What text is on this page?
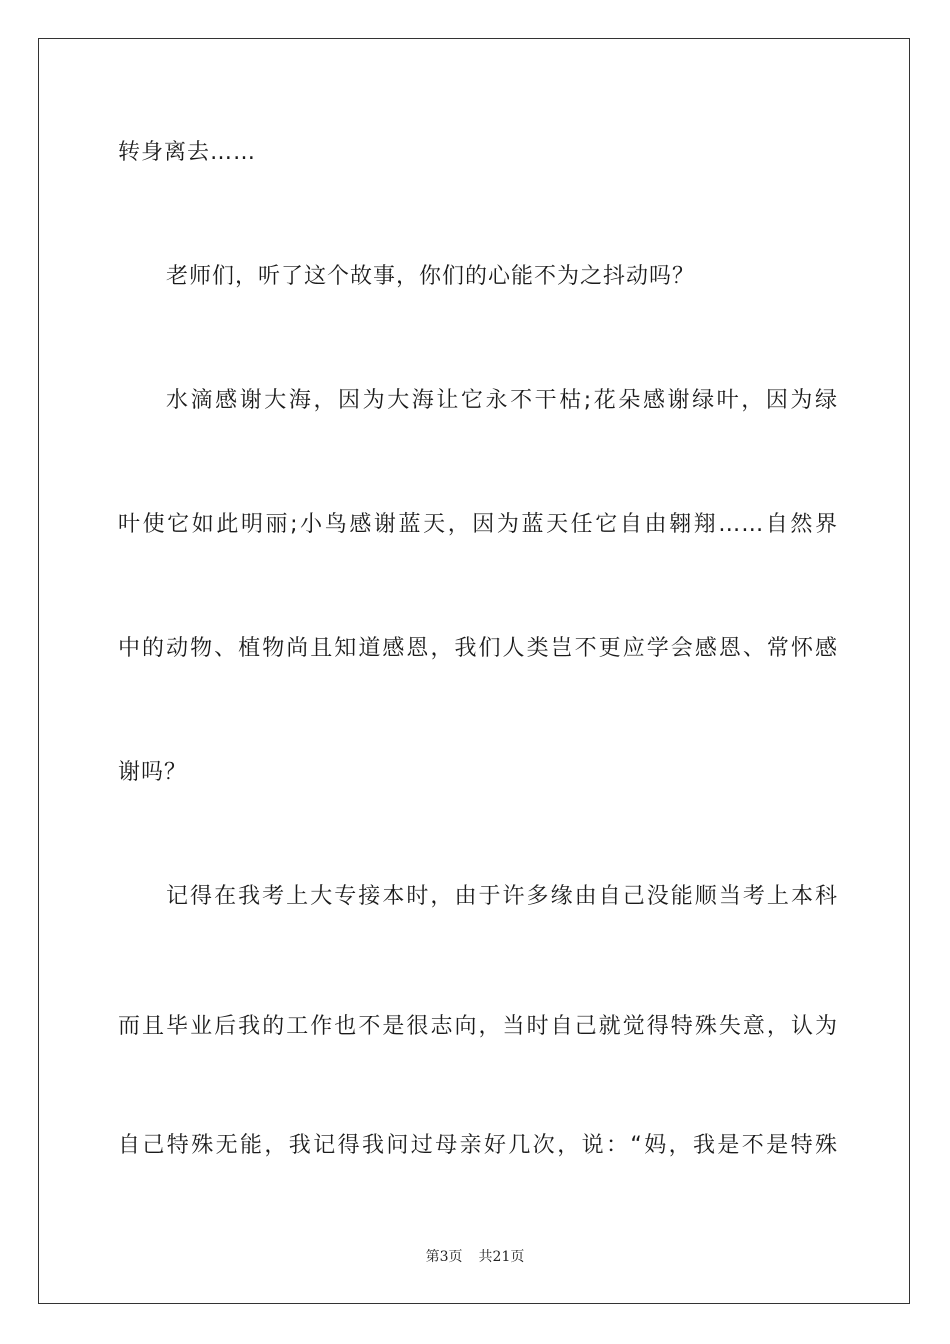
转身离去……
老师们，听了这个故事，你们的心能不为之抖动吗？
水滴感谢大海，因为大海让它永不干枯;花朵感谢绿叶，因为绿
叶使它如此明丽;小鸟感谢蓝天，因为蓝天任它自由翱翔……自然界
中的动物、植物尚且知道感恩，我们人类岂不更应学会感恩、常怀感
谢吗？
记得在我考上大专接本时，由于许多缘由自己没能顺当考上本科
而且毕业后我的工作也不是很志向，当时自己就觉得特殊失意，认为
自己特殊无能，我记得我问过母亲好几次，说：“妈，我是不是特殊
第3页 共21页
